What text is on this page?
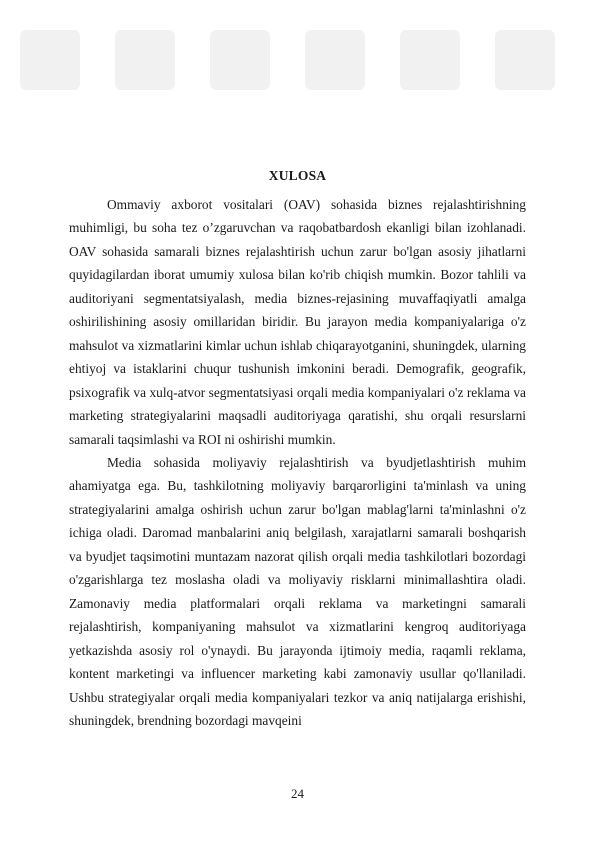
XULOSA

Ommaviy axborot vositalari (OAV) sohasida biznes rejalashtirishning muhimligi, bu soha tez o’zgaruvchan va raqobatbardosh ekanligi bilan izohlanadi. OAV sohasida samarali biznes rejalashtirish uchun zarur bo'lgan asosiy jihatlarni quyidagilardan iborat umumiy xulosa bilan ko'rib chiqish mumkin. Bozor tahlili va auditoriyani segmentatsiyalash, media biznes-rejasining muvaffaqiyatli amalga oshirilishining asosiy omillaridan biridir. Bu jarayon media kompaniyalariga o'z mahsulot va xizmatlarini kimlar uchun ishlab chiqarayotganini, shuningdek, ularning ehtiyoj va istaklarini chuqur tushunish imkonini beradi. Demografik, geografik, psixografik va xulq-atvor segmentatsiyasi orqali media kompaniyalari o'z reklama va marketing strategiyalarini maqsadli auditoriyaga qaratishi, shu orqali resurslarni samarali taqsimlashi va ROI ni oshirishi mumkin.

Media sohasida moliyaviy rejalashtirish va byudjetlashtirish muhim ahamiyatga ega. Bu, tashkilotning moliyaviy barqarorligini ta'minlash va uning strategiyalarini amalga oshirish uchun zarur bo'lgan mablag'larni ta'minlashni o'z ichiga oladi. Daromad manbalarini aniq belgilash, xarajatlarni samarali boshqarish va byudjet taqsimotini muntazam nazorat qilish orqali media tashkilotlari bozordagi o'zgarishlarga tez moslasha oladi va moliyaviy risklarni minimallashtira oladi. Zamonaviy media platformalari orqali reklama va marketingni samarali rejalashtirish, kompaniyaning mahsulot va xizmatlarini kengroq auditoriyaga yetkazishda asosiy rol o'ynaydi. Bu jarayonda ijtimoiy media, raqamli reklama, kontent marketingi va influencer marketing kabi zamonaviy usullar qo'llaniladi. Ushbu strategiyalar orqali media kompaniyalari tezkor va aniq natijalarga erishishi, shuningdek, brendning bozordagi mavqeini

24
